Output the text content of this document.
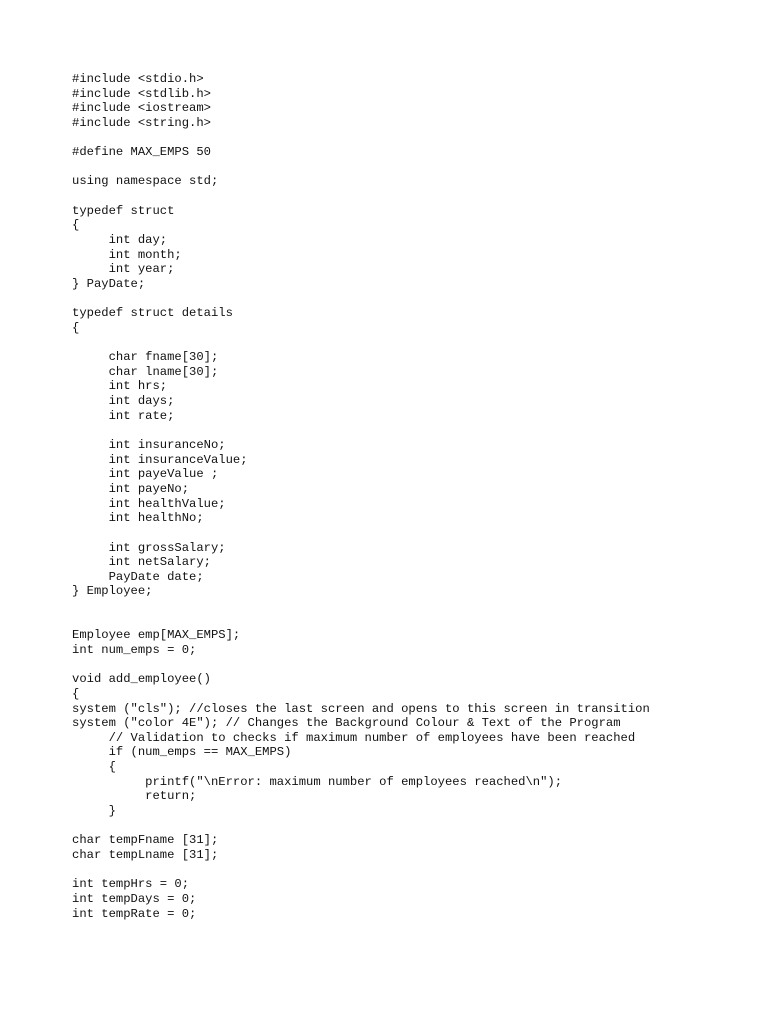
#include <stdio.h>
#include <stdlib.h>
#include <iostream>
#include <string.h>
#define MAX_EMPS 50
using namespace std;
typedef struct
{
int day;
int month;
int year;
} PayDate;
typedef struct details
{
char fname[30];
char lname[30];
int hrs;
int days;
int rate;
int insuranceNo;
int insuranceValue;
int payeValue ;
int payeNo;
int healthValue;
int healthNo;
int grossSalary;
int netSalary;
PayDate date;
} Employee;
Employee emp[MAX_EMPS];
int num_emps = 0;
void add_employee()
{
system ("cls"); //closes the last screen and opens to this screen in transition
system ("color 4E"); // Changes the Background Colour & Text of the Program
// Validation to checks if maximum number of employees have been reached
if (num_emps == MAX_EMPS)
{
printf("\nError: maximum number of employees reached\n");
return;
}
char tempFname [31];
char tempLname [31];
int tempHrs = 0;
int tempDays = 0;
int tempRate = 0;
